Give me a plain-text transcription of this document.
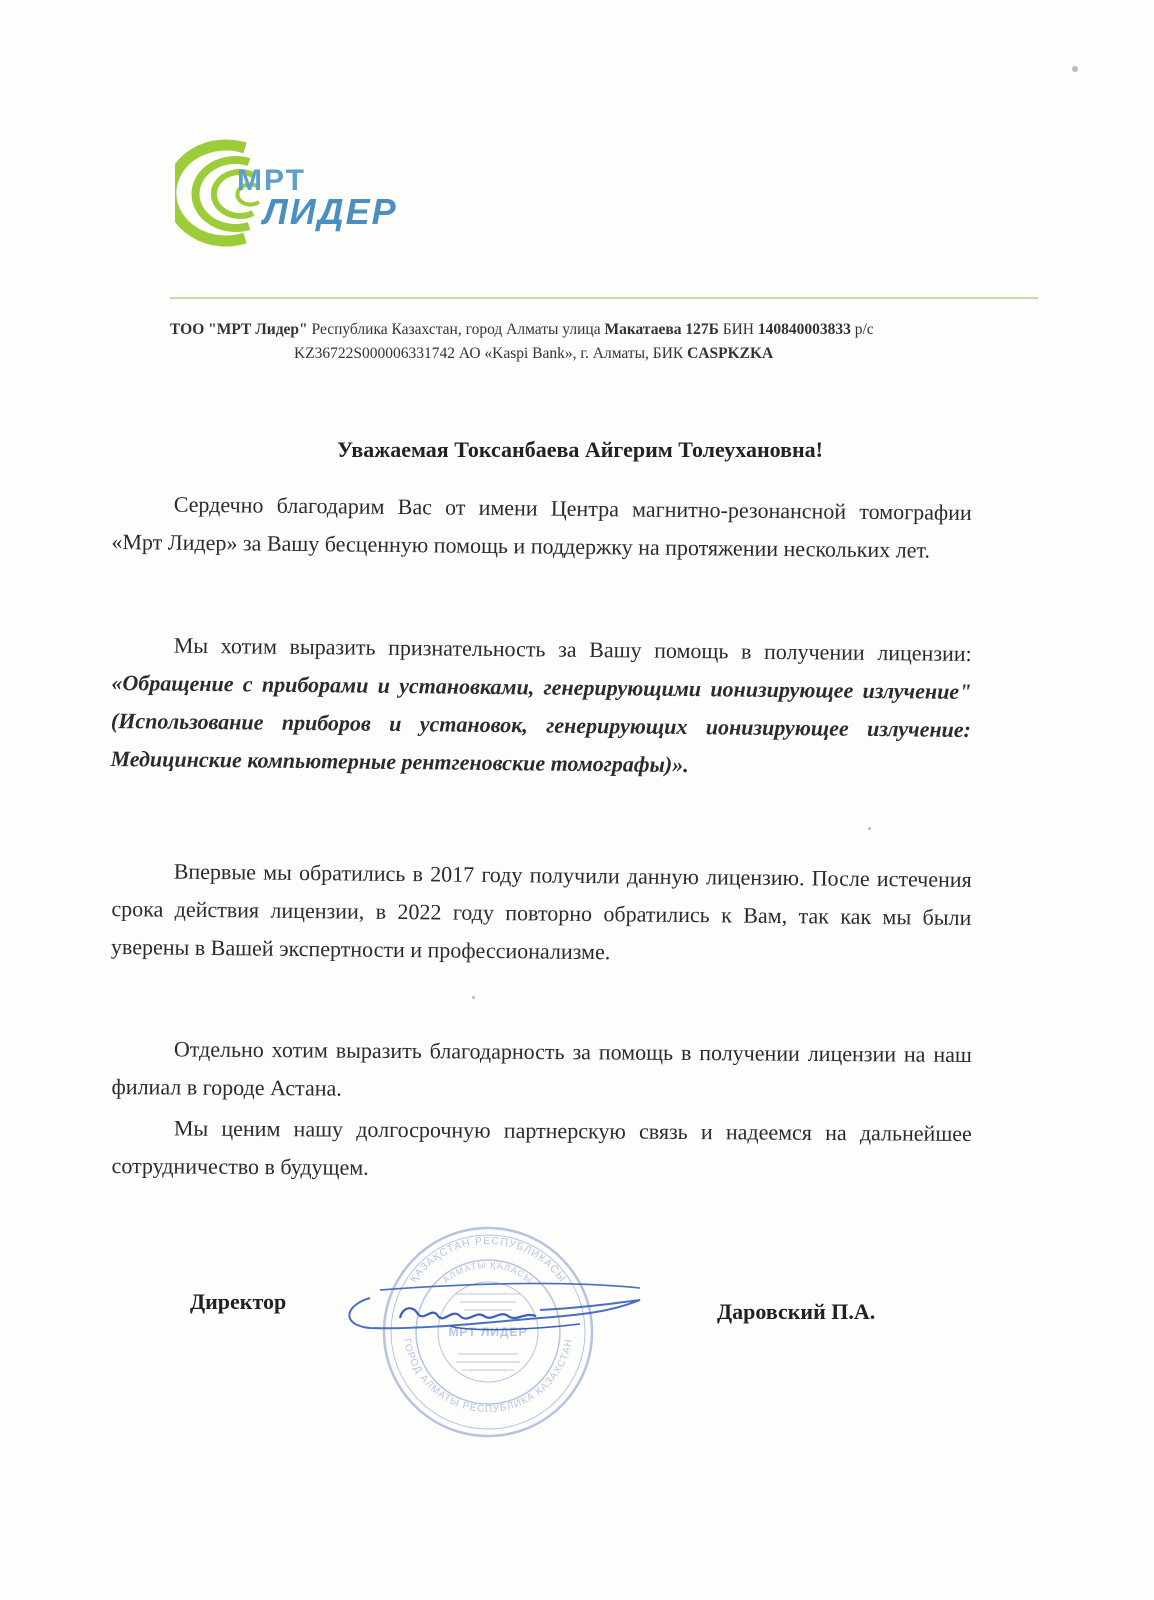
МРТ
ЛИДЕР
ТОО "МРТ Лидер" Республика Казахстан, город Алматы улица Макатаева 127Б БИН 140840003833 р/с
KZ36722S000006331742 АО «Kaspi Bank», г. Алматы, БИК CASPKZKA
Уважаемая Токсанбаева Айгерим Толеухановна!
Сердечно благодарим Вас от имени Центра магнитно-резонансной томографии «Мрт Лидер» за Вашу бесценную помощь и поддержку на протяжении нескольких лет.
Мы хотим выразить признательность за Вашу помощь в получении лицензии: «Обращение с приборами и установками, генерирующими ионизирующее излучение" (Использование приборов и установок, генерирующих ионизирующее излучение: Медицинские компьютерные рентгеновские томографы)».
Впервые мы обратились в 2017 году получили данную лицензию. После истечения срока действия лицензии, в 2022 году повторно обратились к Вам, так как мы были уверены в Вашей экспертности и профессионализме.
Отдельно хотим выразить благодарность за помощь в получении лицензии на наш филиал в городе Астана.
Мы ценим нашу долгосрочную партнерскую связь и надеемся на дальнейшее сотрудничество в будущем.
Директор
ҚАЗАҚСТАН РЕСПУБЛИКАСЫ
АЛМАТЫ ҚАЛАСЫ
ГОРОД АЛМАТЫ РЕСПУБЛИКА КАЗАХСТАН
МРТ ЛИДЕР
Даровский П.А.
